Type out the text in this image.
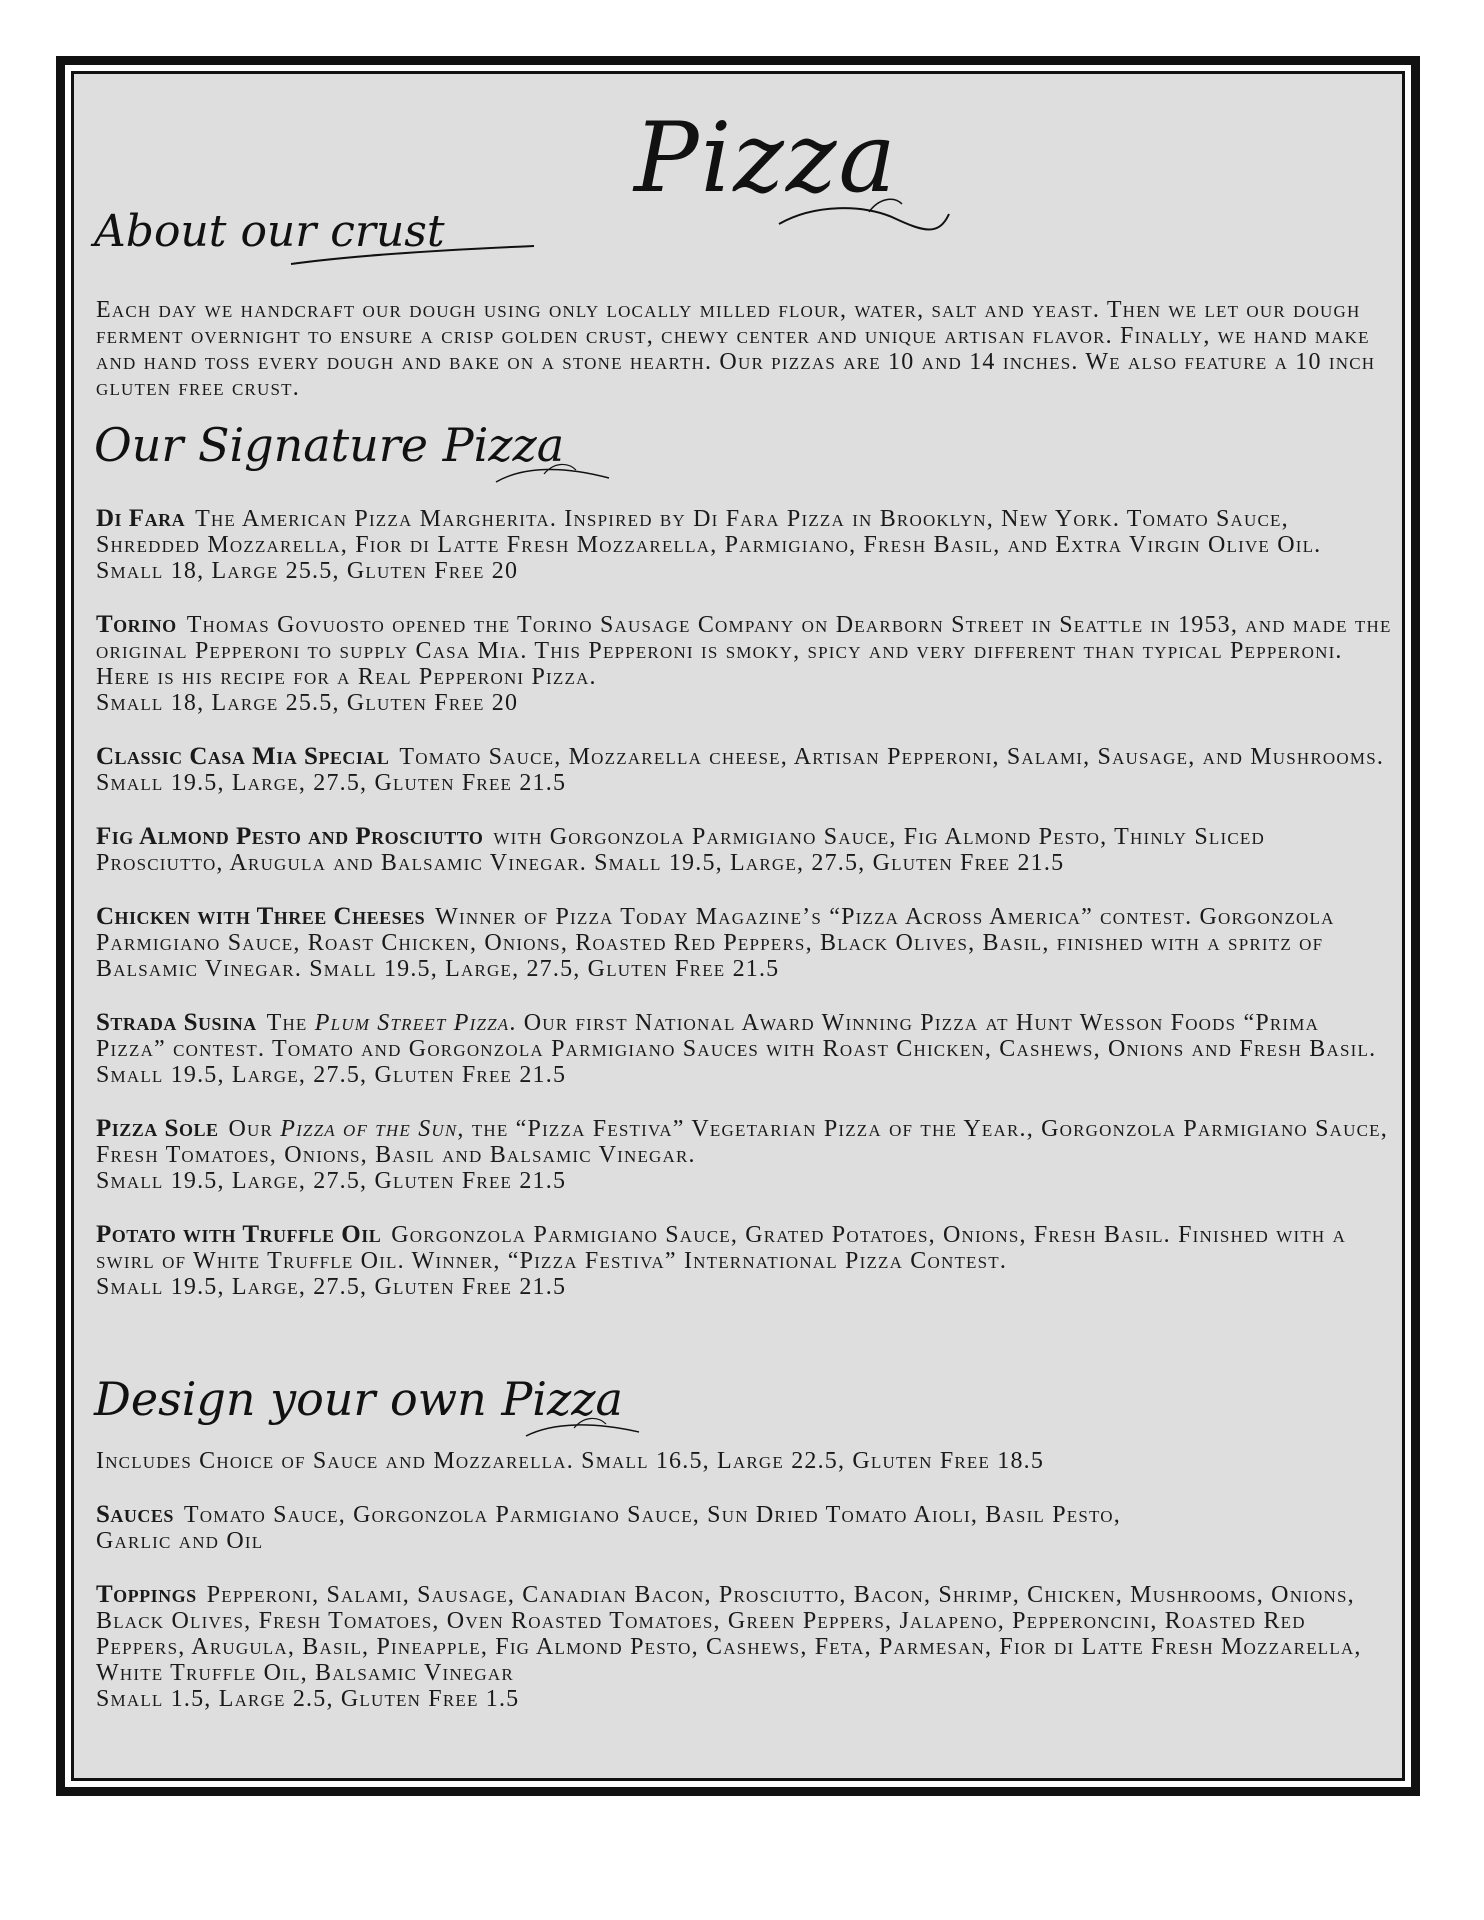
Pizza
About our crust

Each day we handcraft our dough using only locally milled flour, water, salt and yeast. Then we let our dough ferment overnight to ensure a crisp golden crust, chewy center and unique artisan flavor. Finally, we hand make and hand toss every dough and bake on a stone hearth. Our pizzas are 10 and 14 inches. We also feature a 10 inch gluten free crust.

Our Signature Pizza

Di Fara The American Pizza Margherita. Inspired by Di Fara Pizza in Brooklyn, New York. Tomato Sauce, Shredded Mozzarella, Fior di Latte Fresh Mozzarella, Parmigiano, Fresh Basil, and Extra Virgin Olive Oil. Small 18, Large 25.5, Gluten Free 20

Torino Thomas Govuosto opened the Torino Sausage Company on Dearborn Street in Seattle in 1953, and made the original Pepperoni to supply Casa Mia. This Pepperoni is smoky, spicy and very different than typical Pepperoni. Here is his recipe for a Real Pepperoni Pizza.

Small 18, Large 25.5, Gluten Free 20

Classic Casa Mia Special Tomato Sauce, Mozzarella cheese, Artisan Pepperoni, Salami, Sausage, and Mushrooms. Small 19.5, Large, 27.5, Gluten Free 21.5

Fig Almond Pesto and Prosciutto with Gorgonzola Parmigiano Sauce, Fig Almond Pesto, Thinly Sliced Prosciutto, Arugula and Balsamic Vinegar. Small 19.5, Large, 27.5, Gluten Free 21.5

Chicken with Three Cheeses Winner of Pizza Today Magazine’s “Pizza Across America” contest. Gorgonzola Parmigiano Sauce, Roast Chicken, Onions, Roasted Red Peppers, Black Olives, Basil, finished with a spritz of Balsamic Vinegar. Small 19.5, Large, 27.5, Gluten Free 21.5

Strada Susina The Plum Street Pizza. Our first National Award Winning Pizza at Hunt Wesson Foods “Prima Pizza” contest. Tomato and Gorgonzola Parmigiano Sauces with Roast Chicken, Cashews, Onions and Fresh Basil. Small 19.5, Large, 27.5, Gluten Free 21.5

Pizza Sole Our Pizza of the Sun, the “Pizza Festiva” Vegetarian Pizza of the Year., Gorgonzola Parmigiano Sauce, Fresh Tomatoes, Onions, Basil and Balsamic Vinegar.

Small 19.5, Large, 27.5, Gluten Free 21.5

Potato with Truffle Oil Gorgonzola Parmigiano Sauce, Grated Potatoes, Onions, Fresh Basil. Finished with a swirl of White Truffle Oil. Winner, “Pizza Festiva” International Pizza Contest.

Small 19.5, Large, 27.5, Gluten Free 21.5

Design your own Pizza

Includes Choice of Sauce and Mozzarella. Small 16.5, Large 22.5, Gluten Free 18.5

Sauces Tomato Sauce, Gorgonzola Parmigiano Sauce, Sun Dried Tomato Aioli, Basil Pesto, Garlic and Oil

Toppings Pepperoni, Salami, Sausage, Canadian Bacon, Prosciutto, Bacon, Shrimp, Chicken, Mushrooms, Onions, Black Olives, Fresh Tomatoes, Oven Roasted Tomatoes, Green Peppers, Jalapeno, Pepperoncini, Roasted Red Peppers, Arugula, Basil, Pineapple, Fig Almond Pesto, Cashews, Feta, Parmesan, Fior di Latte Fresh Mozzarella, White Truffle Oil, Balsamic Vinegar

Small 1.5, Large 2.5, Gluten Free 1.5
